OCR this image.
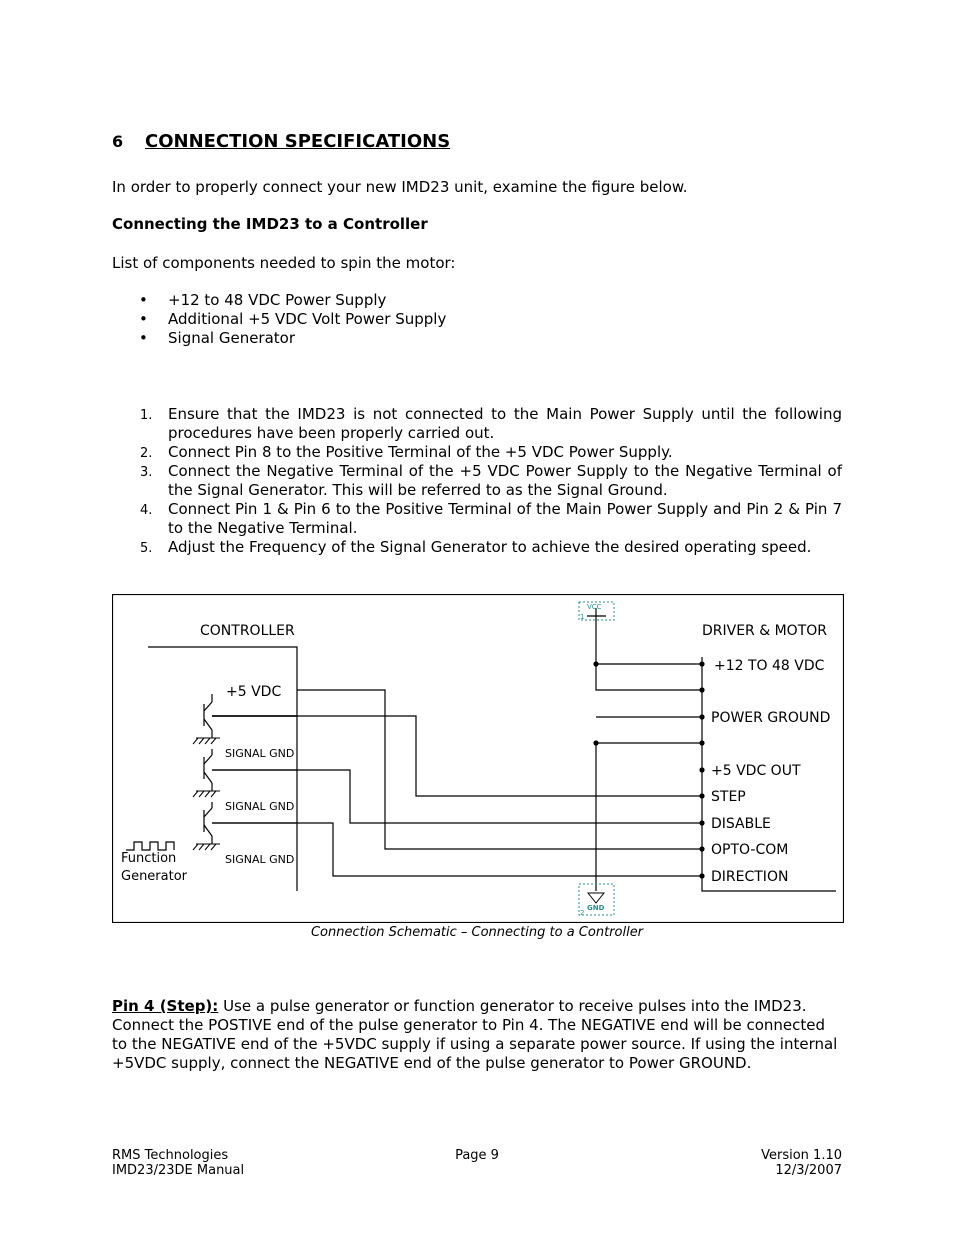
6 CONNECTION SPECIFICATIONS
In order to properly connect your new IMD23 unit, examine the figure below.
Connecting the IMD23 to a Controller
List of components needed to spin the motor:
• +12 to 48 VDC Power Supply
• Additional +5 VDC Volt Power Supply
• Signal Generator
1. Ensure that the IMD23 is not connected to the Main Power Supply until the following procedures have been properly carried out.
2. Connect Pin 8 to the Positive Terminal of the +5 VDC Power Supply.
3. Connect the Negative Terminal of the +5 VDC Power Supply to the Negative Terminal of the Signal Generator. This will be referred to as the Signal Ground.
4. Connect Pin 1 & Pin 6 to the Positive Terminal of the Main Power Supply and Pin 2 & Pin 7 to the Negative Terminal.
5. Adjust the Frequency of the Signal Generator to achieve the desired operating speed.
CONTROLLER	DRIVER & MOTOR
+5 VDC
SIGNAL GND
SIGNAL GND
SIGNAL GND
Function
Generator
VCC
1
GND
2
+12 TO 48 VDC
POWER GROUND
+5 VDC OUT
STEP
DISABLE
OPTO-COM
DIRECTION
Connection Schematic – Connecting to a Controller
Pin 4 (Step): Use a pulse generator or function generator to receive pulses into the IMD23. Connect the POSTIVE end of the pulse generator to Pin 4. The NEGATIVE end will be connected to the NEGATIVE end of the +5VDC supply if using a separate power source. If using the internal +5VDC supply, connect the NEGATIVE end of the pulse generator to Power GROUND.
RMS Technologies
IMD23/23DE Manual
Page 9	Version 1.10
12/3/2007
